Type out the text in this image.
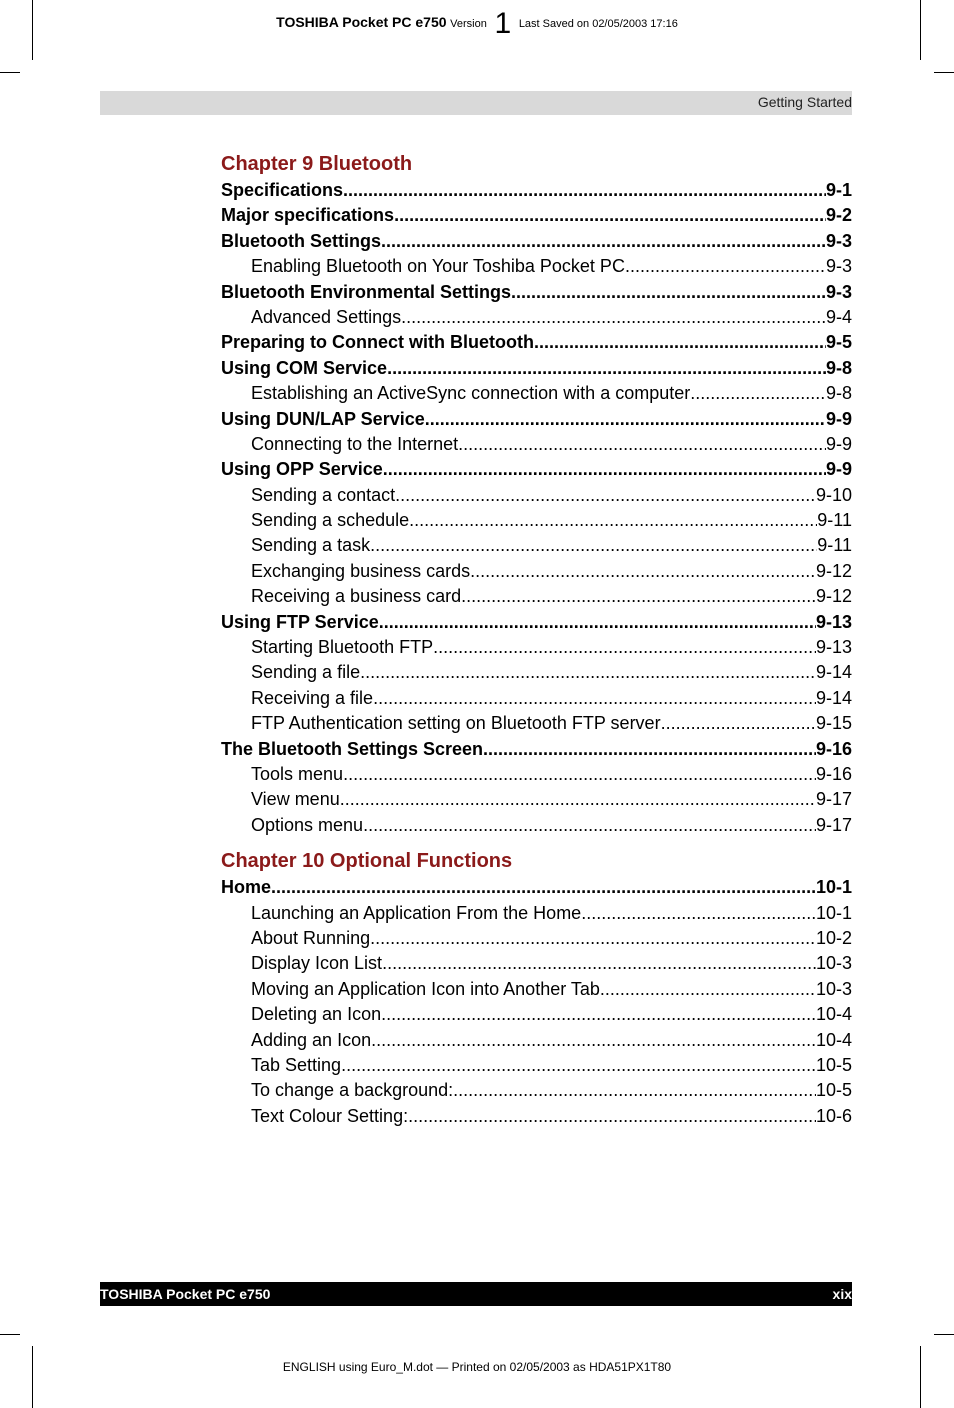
TOSHIBA Pocket PC e750 Version 1 Last Saved on 02/05/2003 17:16
Getting Started
Chapter 9 Bluetooth
Specifications .....	9-1
Major specifications .....	9-2
Bluetooth Settings .....	9-3
Enabling Bluetooth on Your Toshiba Pocket PC. .....	9-3
Bluetooth Environmental Settings .....	9-3
Advanced Settings .....	9-4
Preparing to Connect with Bluetooth .....	9-5
Using COM Service .....	9-8
Establishing an ActiveSync connection with a computer .....	9-8
Using DUN/LAP Service .....	9-9
Connecting to the Internet .....	9-9
Using OPP Service .....	9-9
Sending a contact .....	9-10
Sending a schedule .....	9-11
Sending a task .....	9-11
Exchanging business cards .....	9-12
Receiving a business card .....	9-12
Using FTP Service .....	9-13
Starting Bluetooth FTP .....	9-13
Sending a file .....	9-14
Receiving a file .....	9-14
FTP Authentication setting on Bluetooth FTP server .....	9-15
The Bluetooth Settings Screen .....	9-16
Tools menu .....	9-16
View menu .....	9-17
Options menu .....	9-17
Chapter 10 Optional Functions
Home .....	10-1
Launching an Application From the Home .....	10-1
About Running .....	10-2
Display Icon List .....	10-3
Moving an Application Icon into Another Tab .....	10-3
Deleting an Icon .....	10-4
Adding an Icon .....	10-4
Tab Setting .....	10-5
To change a background: .....	10-5
Text Colour Setting: .....	10-6
TOSHIBA Pocket PC e750	xix
ENGLISH using Euro_M.dot — Printed on 02/05/2003 as HDA51PX1T80
